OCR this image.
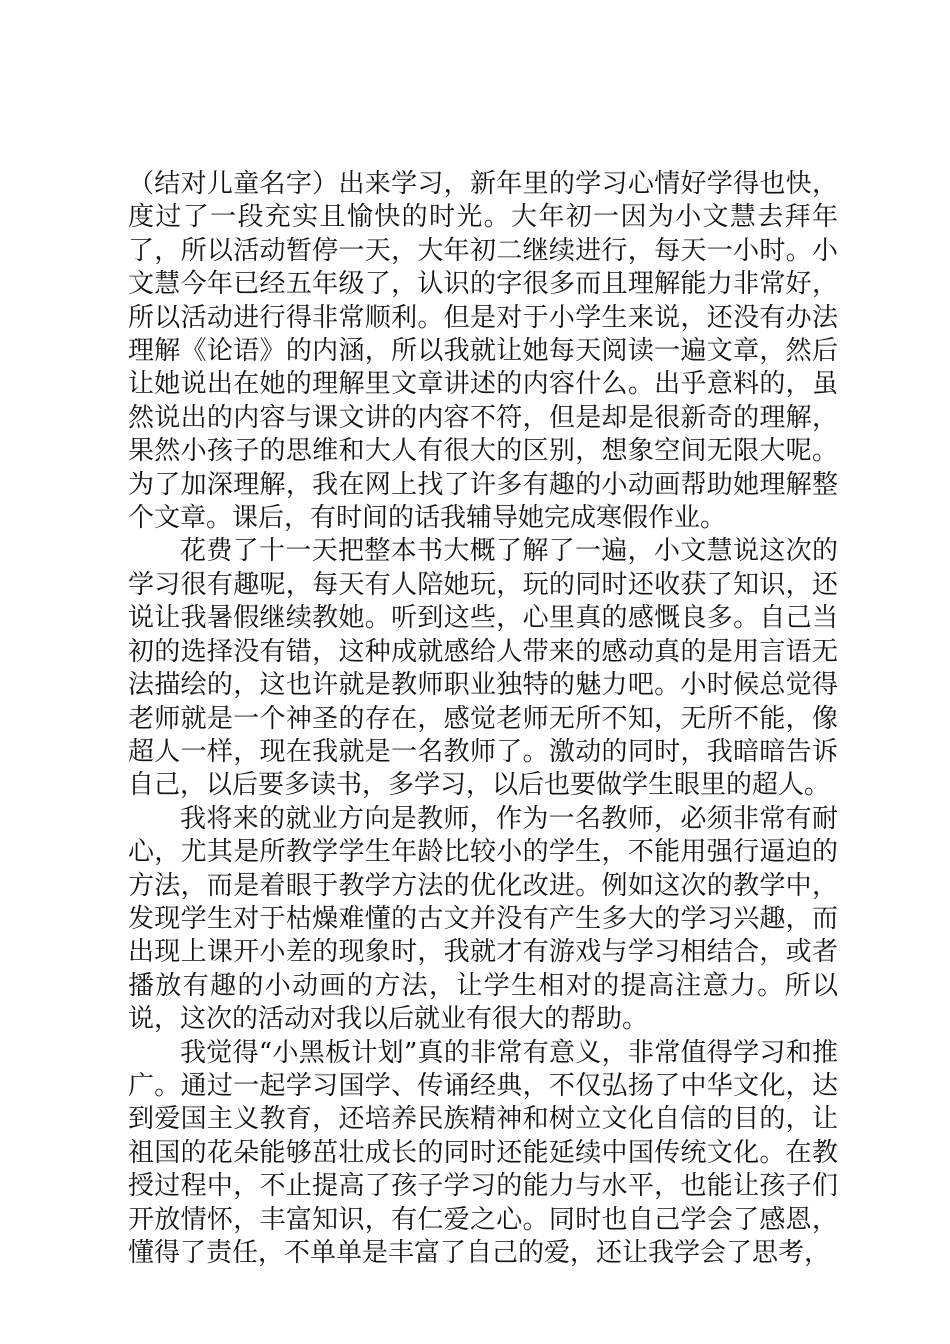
（结对儿童名字）出来学习，新年里的学习心情好学得也快，度过了一段充实且愉快的时光。大年初一因为小文慧去拜年了，所以活动暂停一天，大年初二继续进行，每天一小时。小文慧今年已经五年级了，认识的字很多而且理解能力非常好，所以活动进行得非常顺利。但是对于小学生来说，还没有办法理解《论语》的内涵，所以我就让她每天阅读一遍文章，然后让她说出在她的理解里文章讲述的内容什么。出乎意料的，虽然说出的内容与课文讲的内容不符，但是却是很新奇的理解，果然小孩子的思维和大人有很大的区别，想象空间无限大呢。为了加深理解，我在网上找了许多有趣的小动画帮助她理解整个文章。课后，有时间的话我辅导她完成寒假作业。

花费了十一天把整本书大概了解了一遍，小文慧说这次的学习很有趣呢，每天有人陪她玩，玩的同时还收获了知识，还说让我暑假继续教她。听到这些，心里真的感慨良多。自己当初的选择没有错，这种成就感给人带来的感动真的是用言语无法描绘的，这也许就是教师职业独特的魅力吧。小时候总觉得老师就是一个神圣的存在，感觉老师无所不知，无所不能，像超人一样，现在我就是一名教师了。激动的同时，我暗暗告诉自己，以后要多读书，多学习，以后也要做学生眼里的超人。

我将来的就业方向是教师，作为一名教师，必须非常有耐心，尤其是所教学学生年龄比较小的学生，不能用强行逼迫的方法，而是着眼于教学方法的优化改进。例如这次的教学中，发现学生对于枯燥难懂的古文并没有产生多大的学习兴趣，而出现上课开小差的现象时，我就才有游戏与学习相结合，或者播放有趣的小动画的方法，让学生相对的提高注意力。所以说，这次的活动对我以后就业有很大的帮助。

我觉得“小黑板计划”真的非常有意义，非常值得学习和推广。通过一起学习国学、传诵经典，不仅弘扬了中华文化，达到爱国主义教育，还培养民族精神和树立文化自信的目的，让祖国的花朵能够茁壮成长的同时还能延续中国传统文化。在教授过程中，不止提高了孩子学习的能力与水平，也能让孩子们开放情怀，丰富知识，有仁爱之心。同时也自己学会了感恩，懂得了责任，不单单是丰富了自己的爱，还让我学会了思考，
